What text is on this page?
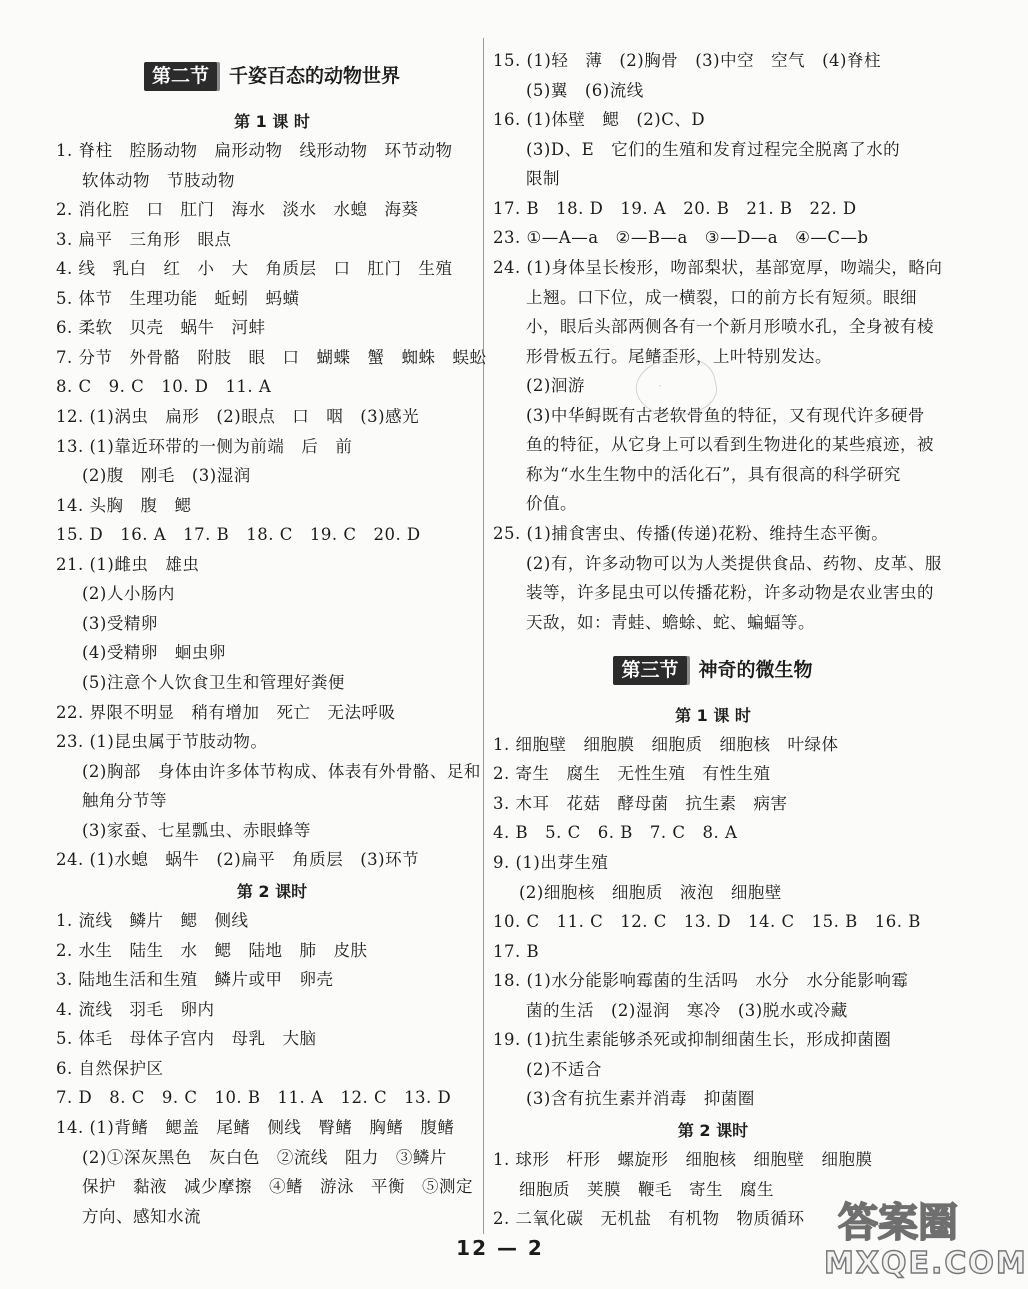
第二节 千姿百态的动物世界
第 1 课 时
1. 脊柱　腔肠动物　扁形动物　线形动物　环节动物
软体动物　节肢动物
2. 消化腔　口　肛门　海水　淡水　水螅　海葵
3. 扁平　三角形　眼点
4. 线　乳白　红　小　大　角质层　口　肛门　生殖
5. 体节　生理功能　蚯蚓　蚂蟥
6. 柔软　贝壳　蜗牛　河蚌
7. 分节　外骨骼　附肢　眼　口　蝴蝶　蟹　蜘蛛　蜈蚣
8. C　9. C　10. D　11. A
12. (1)涡虫　扁形　(2)眼点　口　咽　(3)感光
13. (1)靠近环带的一侧为前端　后　前
(2)腹　刚毛　(3)湿润
14. 头胸　腹　鳃
15. D　16. A　17. B　18. C　19. C　20. D
21. (1)雌虫　雄虫
(2)人小肠内
(3)受精卵
(4)受精卵　蛔虫卵
(5)注意个人饮食卫生和管理好粪便
22. 界限不明显　稍有增加　死亡　无法呼吸
23. (1)昆虫属于节肢动物。
(2)胸部　身体由许多体节构成、体表有外骨骼、足和
触角分节等
(3)家蚕、七星瓢虫、赤眼蜂等
24. (1)水螅　蜗牛　(2)扁平　角质层　(3)环节
第 2 课时
1. 流线　鳞片　鳃　侧线
2. 水生　陆生　水　鳃　陆地　肺　皮肤
3. 陆地生活和生殖　鳞片或甲　卵壳
4. 流线　羽毛　卵内
5. 体毛　母体子宫内　母乳　大脑
6. 自然保护区
7. D　8. C　9. C　10. B　11. A　12. C　13. D
14. (1)背鳍　鳃盖　尾鳍　侧线　臀鳍　胸鳍　腹鳍
(2)①深灰黑色　灰白色　②流线　阻力　③鳞片
保护　黏液　减少摩擦　④鳍　游泳　平衡　⑤测定
方向、感知水流
15. (1)轻　薄　(2)胸骨　(3)中空　空气　(4)脊柱
(5)翼　(6)流线
16. (1)体壁　鳃　(2)C、D
(3)D、E　它们的生殖和发育过程完全脱离了水的
限制
17. B　18. D　19. A　20. B　21. B　22. D
23. ①—A—a　②—B—a　③—D—a　④—C—b
24. (1)身体呈长梭形，吻部梨状，基部宽厚，吻端尖，略向
上翘。口下位，成一横裂，口的前方长有短须。眼细
小，眼后头部两侧各有一个新月形喷水孔，全身被有棱
形骨板五行。尾鳍歪形，上叶特别发达。
(2)洄游
(3)中华鲟既有古老软骨鱼的特征，又有现代许多硬骨
鱼的特征，从它身上可以看到生物进化的某些痕迹，被
称为“水生生物中的活化石”，具有很高的科学研究
价值。
25. (1)捕食害虫、传播(传递)花粉、维持生态平衡。
(2)有，许多动物可以为人类提供食品、药物、皮革、服
装等，许多昆虫可以传播花粉，许多动物是农业害虫的
天敌，如：青蛙、蟾蜍、蛇、蝙蝠等。
第三节 神奇的微生物
第 1 课 时
1. 细胞壁　细胞膜　细胞质　细胞核　叶绿体
2. 寄生　腐生　无性生殖　有性生殖
3. 木耳　花菇　酵母菌　抗生素　病害
4. B　5. C　6. B　7. C　8. A
9. (1)出芽生殖
(2)细胞核　细胞质　液泡　细胞壁
10. C　11. C　12. C　13. D　14. C　15. B　16. B
17. B
18. (1)水分能影响霉菌的生活吗　水分　水分能影响霉
菌的生活　(2)湿润　寒冷　(3)脱水或冷藏
19. (1)抗生素能够杀死或抑制细菌生长，形成抑菌圈
(2)不适合
(3)含有抗生素并消毒　抑菌圈
第 2 课时
1. 球形　杆形　螺旋形　细胞核　细胞壁　细胞膜
细胞质　荚膜　鞭毛　寄生　腐生
2. 二氧化碳　无机盐　有机物　物质循环
.
12 — 2
答案圈
MXQE.COM
